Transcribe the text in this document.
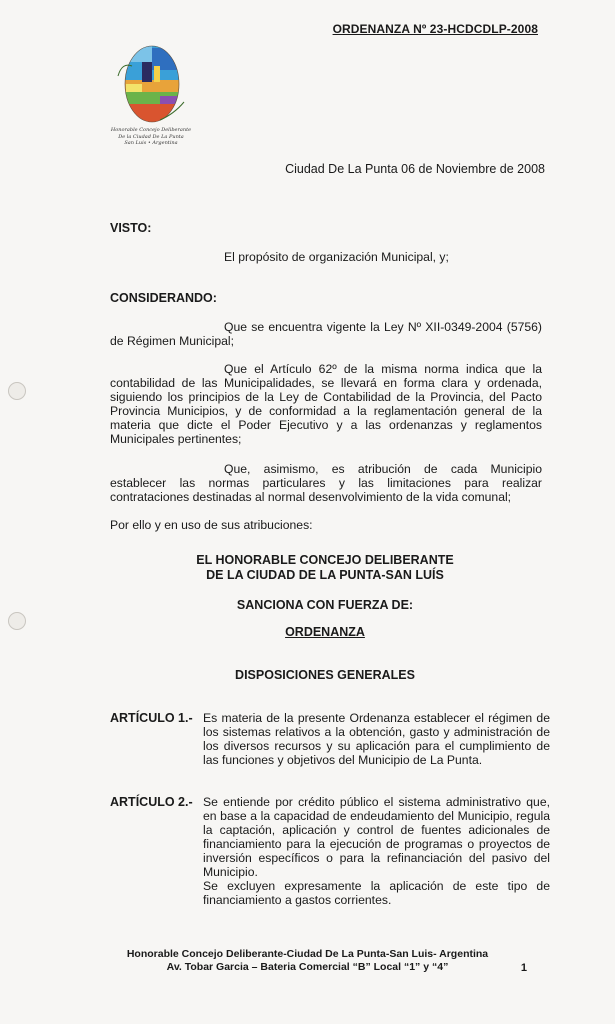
ORDENANZA Nº 23-HCDCDLP-2008
Honorable Concejo Deliberante
De la Ciudad De La Punta
San Luis • Argentina
Ciudad De La Punta 06 de Noviembre de 2008
VISTO:
El propósito de organización Municipal, y;
CONSIDERANDO:
Que se encuentra vigente la Ley Nº XII-0349-2004 (5756) de Régimen Municipal;
Que el Artículo 62º de la misma norma indica que la contabilidad de las Municipalidades, se llevará en forma clara y ordenada, siguiendo los principios de la Ley de Contabilidad de la Provincia, del Pacto Provincia Municipios, y de conformidad a la reglamentación general de la materia que dicte el Poder Ejecutivo y a las ordenanzas y reglamentos Municipales pertinentes;
Que, asimismo, es atribución de cada Municipio establecer las normas particulares y las limitaciones para realizar contrataciones destinadas al normal desenvolvimiento de la vida comunal;
Por ello y en uso de sus atribuciones:
EL HONORABLE CONCEJO DELIBERANTE
DE LA CIUDAD DE LA PUNTA-SAN LUÍS
SANCIONA CON FUERZA DE:
ORDENANZA
DISPOSICIONES GENERALES
ARTÍCULO 1.- Es materia de la presente Ordenanza establecer el régimen de los sistemas relativos a la obtención, gasto y administración de los diversos recursos y su aplicación para el cumplimiento de las funciones y objetivos del Municipio de La Punta.

ARTÍCULO 2.- Se entiende por crédito público el sistema administrativo que, en base a la capacidad de endeudamiento del Municipio, regula la captación, aplicación y control de fuentes adicionales de financiamiento para la ejecución de programas o proyectos de inversión específicos o para la refinanciación del pasivo del Municipio.

Se excluyen expresamente la aplicación de este tipo de financiamiento a gastos corrientes.

Honorable Concejo Deliberante-Ciudad De La Punta-San Luis- Argentina
Av. Tobar Garcia – Bateria Comercial “B” Local “1” y “4”	1
